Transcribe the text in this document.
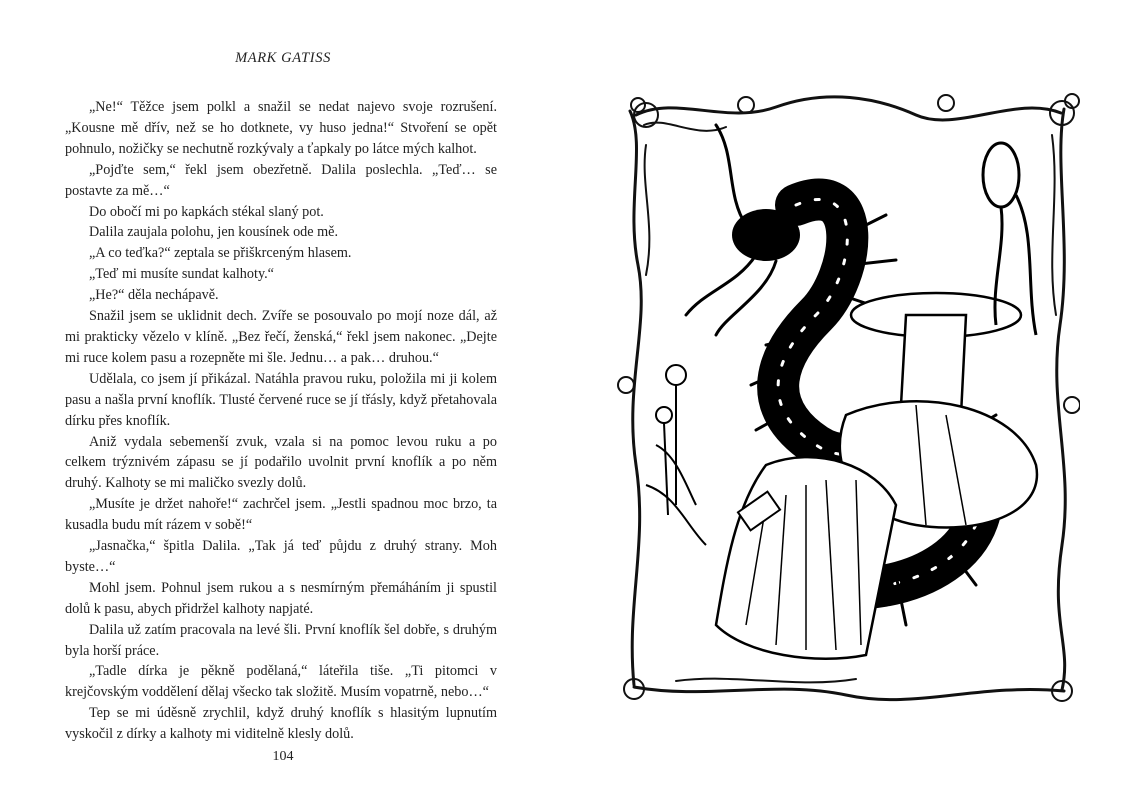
MARK GATISS

„Ne!“ Těžce jsem polkl a snažil se nedat najevo svoje rozrušení. „Kousne mě dřív, než se ho dotknete, vy huso jedna!“ Stvoření se opět pohnulo, nožičky se nechutně rozkývaly a ťapkaly po látce mých kalhot.

„Pojďte sem,“ řekl jsem obezřetně. Dalila poslechla. „Teď… se postavte za mě…“

Do obočí mi po kapkách stékal slaný pot.

Dalila zaujala polohu, jen kousínek ode mě.

„A co teďka?“ zeptala se přiškrceným hlasem.

„Teď mi musíte sundat kalhoty.“

„He?“ děla nechápavě.

Snažil jsem se uklidnit dech. Zvíře se posouvalo po mojí noze dál, až mi prakticky vězelo v klíně. „Bez řečí, ženská,“ řekl jsem nakonec. „Dejte mi ruce kolem pasu a rozepněte mi šle. Jednu… a pak… druhou.“

Udělala, co jsem jí přikázal. Natáhla pravou ruku, položila mi ji kolem pasu a našla první knoflík. Tlusté červené ruce se jí třásly, když přetahovala dírku přes knoflík.

Aniž vydala sebemenší zvuk, vzala si na pomoc levou ruku a po celkem trýznivém zápasu se jí podařilo uvolnit první knoflík a po něm druhý. Kalhoty se mi maličko svezly dolů.

„Musíte je držet nahoře!“ zachrčel jsem. „Jestli spadnou moc brzo, ta kusadla budu mít rázem v sobě!“

„Jasnačka,“ špitla Dalila. „Tak já teď půjdu z druhý strany. Moh byste…“

Mohl jsem. Pohnul jsem rukou a s nesmírným přemáháním ji spustil dolů k pasu, abych přidržel kalhoty napjaté.

Dalila už zatím pracovala na levé šli. První knoflík šel dobře, s druhým byla horší práce.

„Tadle dírka je pěkně podělaná,“ láteřila tiše. „Ti pitomci v krejčovským voddělení dělaj všecko tak složitě. Musím vopatrně, nebo…“

Tep se mi úděsně zrychlil, když druhý knoflík s hlasitým lupnutím vyskočil z dírky a kalhoty mi viditelně klesly dolů.

104
